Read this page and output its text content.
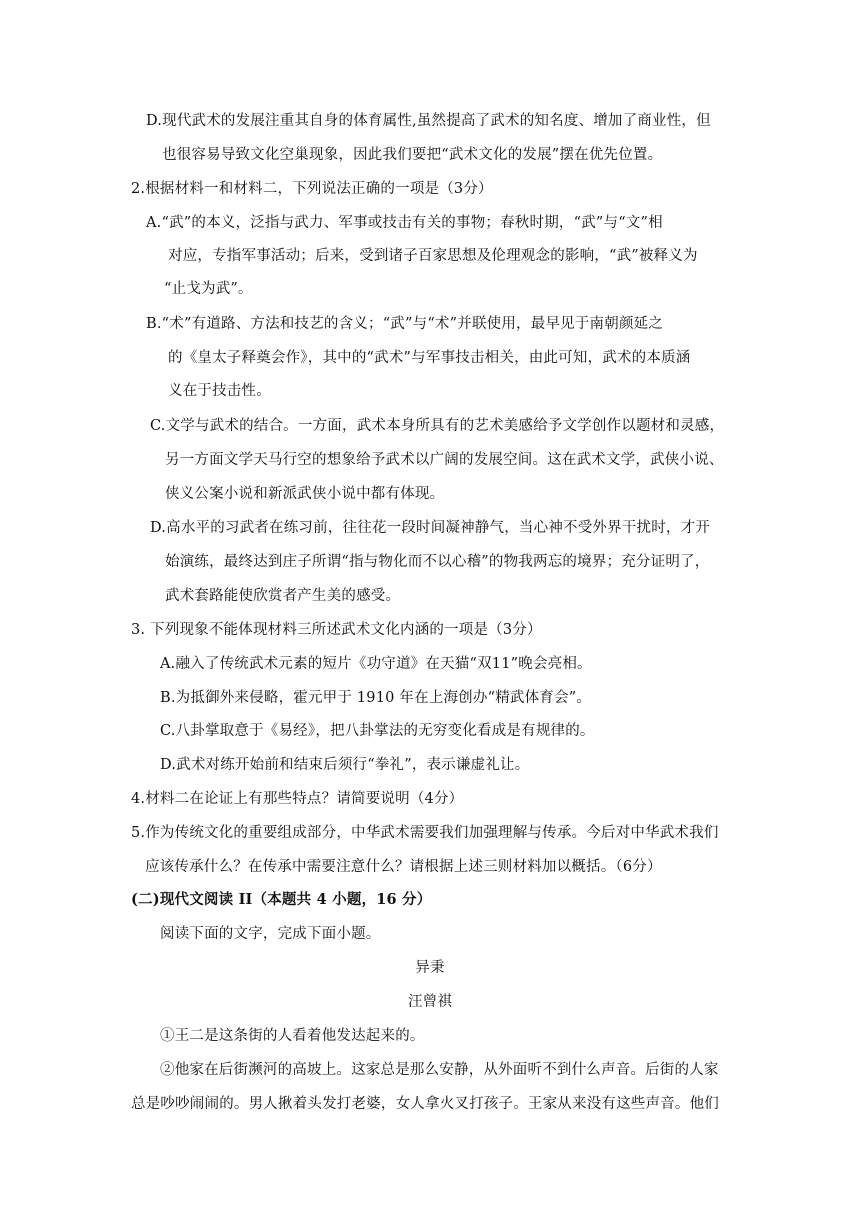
D.现代武术的发展注重其自身的体育属性,虽然提高了武术的知名度、增加了商业性，但
也很容易导致文化空巢现象，因此我们要把“武术文化的发展”摆在优先位置。
2.根据材料一和材料二，下列说法正确的一项是（3分）
A.“武”的本义，泛指与武力、军事或技击有关的事物；春秋时期，“武”与“文”相
对应，专指军事活动；后来，受到诸子百家思想及伦理观念的影响，“武”被释义为
“止戈为武”。
B.“术”有道路、方法和技艺的含义；“武”与“术”并联使用，最早见于南朝颜延之
的《皇太子释奠会作》，其中的“武术”与军事技击相关，由此可知，武术的本质涵
义在于技击性。
C.文学与武术的结合。一方面，武术本身所具有的艺术美感给予文学创作以题材和灵感，
另一方面文学天马行空的想象给予武术以广阔的发展空间。这在武术文学，武侠小说、
侠义公案小说和新派武侠小说中都有体现。
D.高水平的习武者在练习前，往往花一段时间凝神静气，当心神不受外界干扰时，才开
始演练，最终达到庄子所谓“指与物化而不以心稽”的物我两忘的境界；充分证明了，
武术套路能使欣赏者产生美的感受。
3. 下列现象不能体现材料三所述武术文化内涵的一项是（3分）
A.融入了传统武术元素的短片《功守道》在天猫“双11”晚会亮相。
B.为抵御外来侵略，霍元甲于 1910 年在上海创办“精武体育会”。
C.八卦掌取意于《易经》，把八卦掌法的无穷变化看成是有规律的。
D.武术对练开始前和结束后须行“拳礼”，表示谦虚礼让。
4.材料二在论证上有那些特点？请简要说明（4分）
5.作为传统文化的重要组成部分，中华武术需要我们加强理解与传承。今后对中华武术我们
应该传承什么？在传承中需要注意什么？请根据上述三则材料加以概括。（6分）
(二)现代文阅读 II（本题共 4 小题，16 分）
阅读下面的文字，完成下面小题。
异秉
汪曾祺
①王二是这条街的人看着他发达起来的。
②他家在后街濒河的高坡上。这家总是那么安静，从外面听不到什么声音。后街的人家
总是吵吵闹闹的。男人揪着头发打老婆，女人拿火叉打孩子。王家从来没有这些声音。他们
